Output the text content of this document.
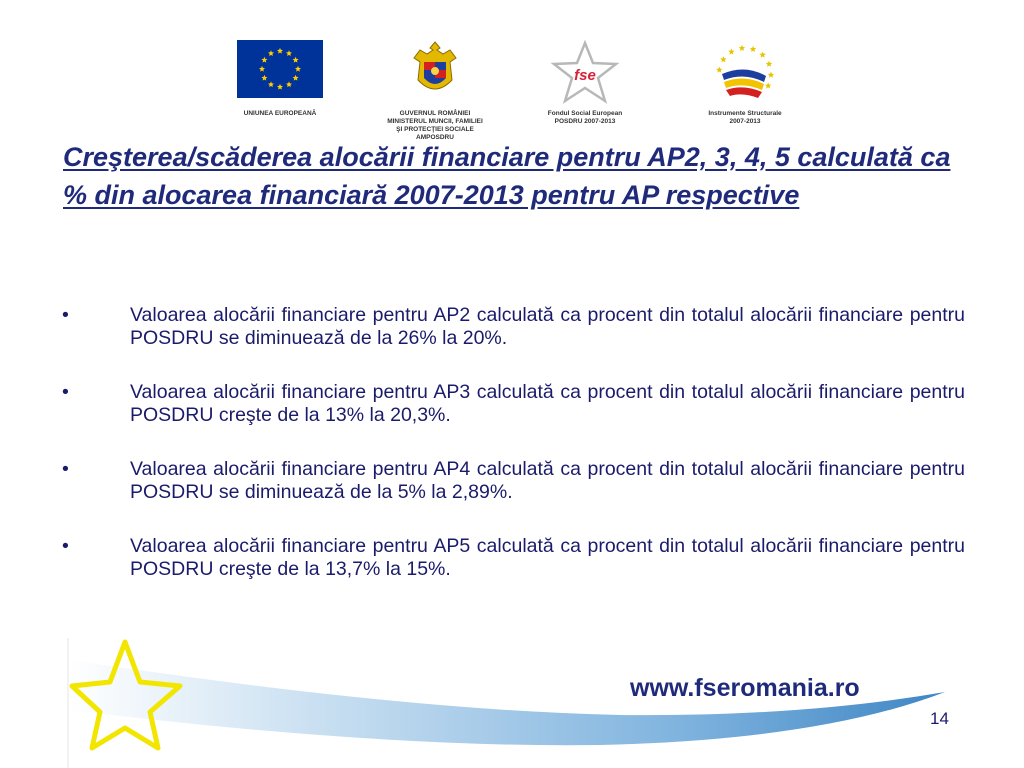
UNIUNEA EUROPEANĂ	GUVERNUL ROMÂNIEI
MINISTERUL MUNCII, FAMILIEI
ŞI PROTECŢIEI SOCIALE
AMPOSDRU
fse
Fondul Social European
POSDRU 2007-2013
Instrumente Structurale
2007-2013
Creşterea/scăderea alocării financiare pentru AP2, 3, 4, 5 calculată ca % din alocarea financiară 2007-2013 pentru AP respective
•	Valoarea alocării financiare pentru AP2 calculată ca procent din totalul alocării financiare pentru POSDRU se diminuează de la 26% la 20%.
•	Valoarea alocării financiare pentru AP3 calculată ca procent din totalul alocării financiare pentru POSDRU creşte de la 13% la 20,3%.
•	Valoarea alocării financiare pentru AP4 calculată ca procent din totalul alocării financiare pentru POSDRU se diminuează de la 5% la 2,89%.
•	Valoarea alocării financiare pentru AP5 calculată ca procent din totalul alocării financiare pentru POSDRU creşte de la 13,7% la 15%.
www.fseromania.ro
14
